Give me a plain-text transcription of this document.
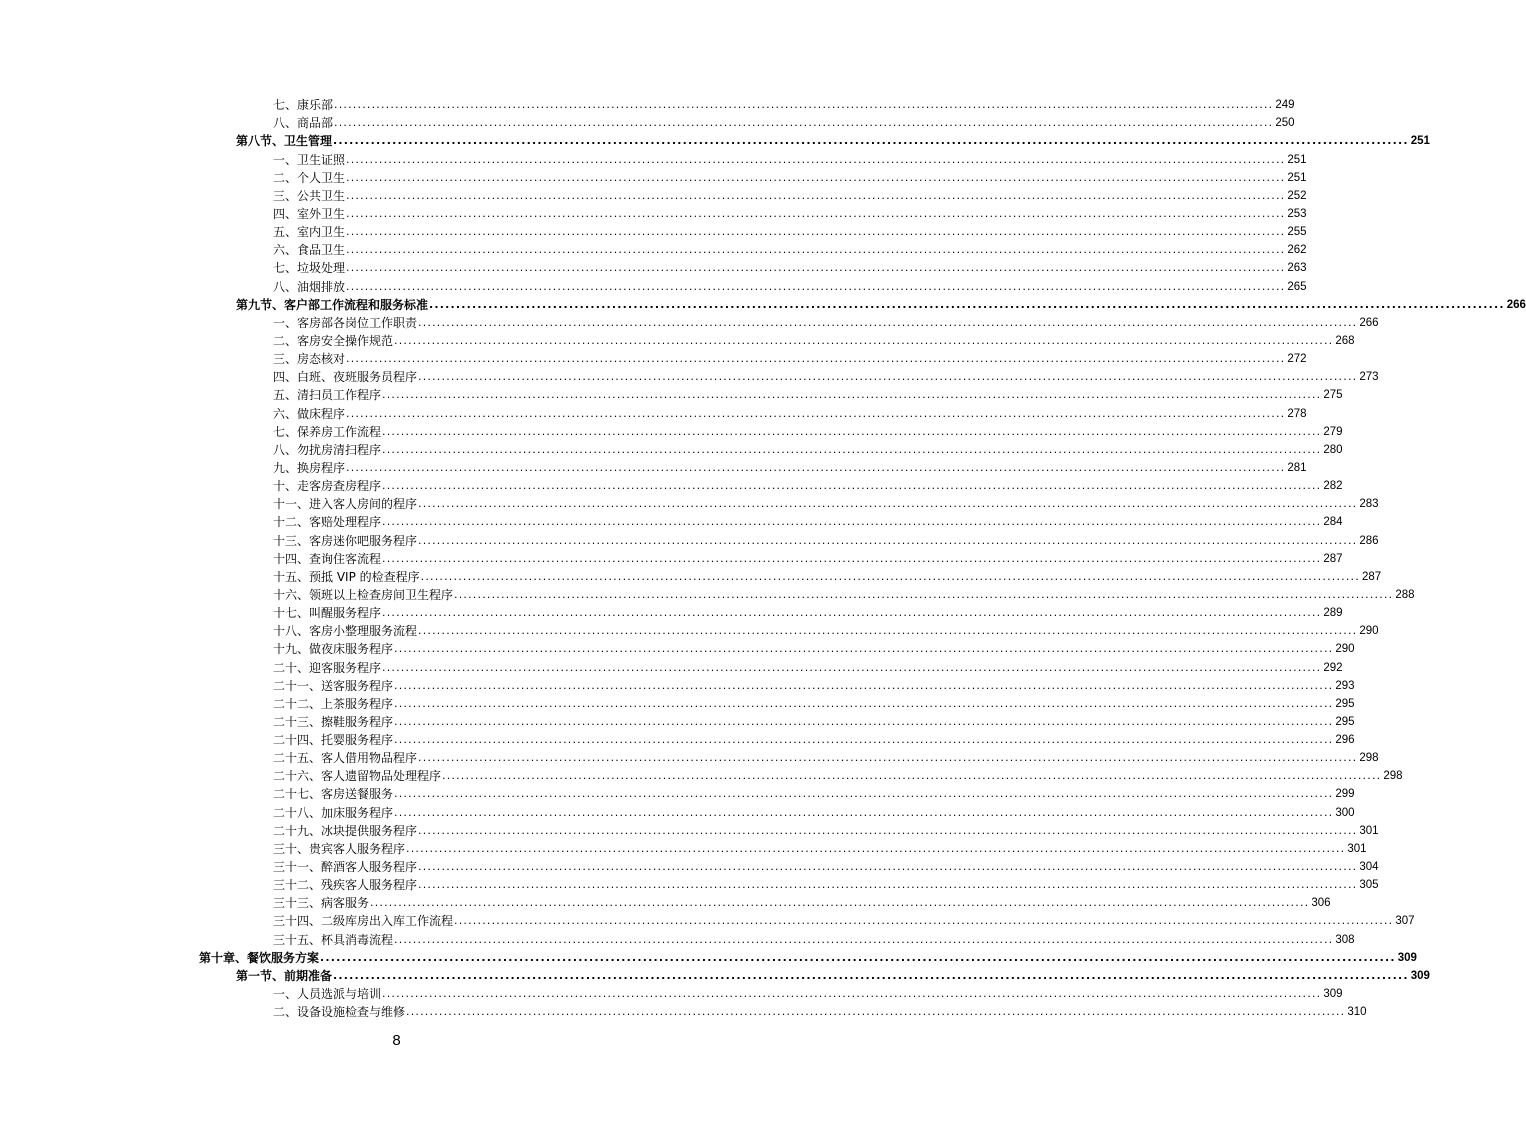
七、康乐部 ........................................................................................................................................................................................................ 249
八、商品部 ........................................................................................................................................................................................................ 250
第八节、卫生管理 ........................................................................................................................................................................................................ 251
一、卫生证照 ........................................................................................................................................................................................................ 251
二、个人卫生 ........................................................................................................................................................................................................ 251
三、公共卫生 ........................................................................................................................................................................................................ 252
四、室外卫生 ........................................................................................................................................................................................................ 253
五、室内卫生 ........................................................................................................................................................................................................ 255
六、食品卫生 ........................................................................................................................................................................................................ 262
七、垃圾处理 ........................................................................................................................................................................................................ 263
八、油烟排放 ........................................................................................................................................................................................................ 265
第九节、客户部工作流程和服务标准 ........................................................................................................................................................................................................ 266
一、客房部各岗位工作职责 ........................................................................................................................................................................................................ 266
二、客房安全操作规范 ........................................................................................................................................................................................................ 268
三、房态核对 ........................................................................................................................................................................................................ 272
四、白班、夜班服务员程序 ........................................................................................................................................................................................................ 273
五、清扫员工作程序 ........................................................................................................................................................................................................ 275
六、做床程序 ........................................................................................................................................................................................................ 278
七、保养房工作流程 ........................................................................................................................................................................................................ 279
八、勿扰房清扫程序 ........................................................................................................................................................................................................ 280
九、换房程序 ........................................................................................................................................................................................................ 281
十、走客房查房程序 ........................................................................................................................................................................................................ 282
十一、进入客人房间的程序 ........................................................................................................................................................................................................ 283
十二、客赔处理程序 ........................................................................................................................................................................................................ 284
十三、客房迷你吧服务程序 ........................................................................................................................................................................................................ 286
十四、查询住客流程 ........................................................................................................................................................................................................ 287
十五、预抵 VIP 的检查程序 ........................................................................................................................................................................................................ 287
十六、领班以上检查房间卫生程序 ........................................................................................................................................................................................................ 288
十七、叫醒服务程序 ........................................................................................................................................................................................................ 289
十八、客房小整理服务流程 ........................................................................................................................................................................................................ 290
十九、做夜床服务程序 ........................................................................................................................................................................................................ 290
二十、迎客服务程序 ........................................................................................................................................................................................................ 292
二十一、送客服务程序 ........................................................................................................................................................................................................ 293
二十二、上茶服务程序 ........................................................................................................................................................................................................ 295
二十三、擦鞋服务程序 ........................................................................................................................................................................................................ 295
二十四、托婴服务程序 ........................................................................................................................................................................................................ 296
二十五、客人借用物品程序 ........................................................................................................................................................................................................ 298
二十六、客人遗留物品处理程序 ........................................................................................................................................................................................................ 298
二十七、客房送餐服务 ........................................................................................................................................................................................................ 299
二十八、加床服务程序 ........................................................................................................................................................................................................ 300
二十九、冰块提供服务程序 ........................................................................................................................................................................................................ 301
三十、贵宾客人服务程序 ........................................................................................................................................................................................................ 301
三十一、醉酒客人服务程序 ........................................................................................................................................................................................................ 304
三十二、残疾客人服务程序 ........................................................................................................................................................................................................ 305
三十三、病客服务 ........................................................................................................................................................................................................ 306
三十四、二级库房出入库工作流程 ........................................................................................................................................................................................................ 307
三十五、杯具消毒流程 ........................................................................................................................................................................................................ 308
第十章、餐饮服务方案 ........................................................................................................................................................................................................ 309
第一节、前期准备 ........................................................................................................................................................................................................ 309
一、人员选派与培训 ........................................................................................................................................................................................................ 309
二、设备设施检查与维修 ........................................................................................................................................................................................................ 310
8
